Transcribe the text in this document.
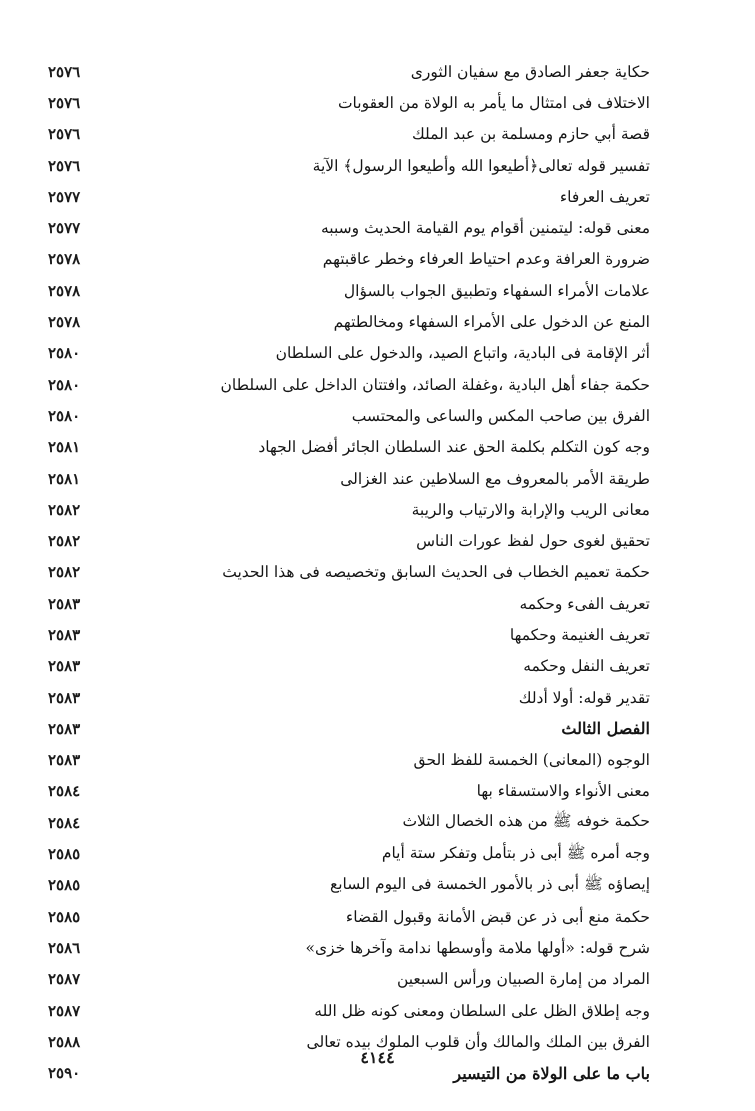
٢٥٧٦	حكاية جعفر الصادق مع سفيان الثورى
٢٥٧٦	الاختلاف فى امتثال ما يأمر به الولاة من العقوبات
٢٥٧٦	قصة أبي حازم ومسلمة بن عبد الملك
٢٥٧٦	تفسير قوله تعالى﴿أطيعوا الله وأطيعوا الرسول﴾ الآية
٢٥٧٧	تعريف العرفاء
٢٥٧٧	معنى قوله: ليتمنين أقوام يوم القيامة الحديث وسببه
٢٥٧٨	ضرورة العرافة وعدم احتياط العرفاء وخطر عاقبتهم
٢٥٧٨	علامات الأمراء السفهاء وتطبيق الجواب بالسؤال
٢٥٧٨	المنع عن الدخول على الأمراء السفهاء ومخالطتهم
٢٥٨٠	أثر الإقامة فى البادية، واتباع الصيد، والدخول على السلطان
٢٥٨٠	حكمة جفاء أهل البادية ،وغفلة الصائد، وافتتان الداخل على السلطان
٢٥٨٠	الفرق بين صاحب المكس والساعى والمحتسب
٢٥٨١	وجه كون التكلم بكلمة الحق عند السلطان الجائر أفضل الجهاد
٢٥٨١	طريقة الأمر بالمعروف مع السلاطين عند الغزالى
٢٥٨٢	معانى الريب والإرابة والارتياب والريبة
٢٥٨٢	تحقيق لغوى حول لفظ عورات الناس
٢٥٨٢	حكمة تعميم الخطاب فى الحديث السابق وتخصيصه فى هذا الحديث
٢٥٨٣	تعريف الفىء وحكمه
٢٥٨٣	تعريف الغنيمة وحكمها
٢٥٨٣	تعريف النفل وحكمه
٢٥٨٣	تقدير قوله: أولا أدلك
٢٥٨٣	الفصل الثالث
٢٥٨٣	الوجوه (المعانى) الخمسة للفظ الحق
٢٥٨٤	معنى الأنواء والاستسقاء بها
٢٥٨٤	حكمة خوفه ﷺ من هذه الخصال الثلاث
٢٥٨٥	وجه أمره ﷺ أبى ذر بتأمل وتفكر ستة أيام
٢٥٨٥	إيصاؤه ﷺ أبى ذر بالأمور الخمسة فى اليوم السابع
٢٥٨٥	حكمة منع أبى ذر عن قبض الأمانة وقبول القضاء
٢٥٨٦	شرح قوله: «أولها ملامة وأوسطها ندامة وآخرها خزى»
٢٥٨٧	المراد من إمارة الصبيان ورأس السبعين
٢٥٨٧	وجه إطلاق الظل على السلطان ومعنى كونه ظل الله
٢٥٨٨	الفرق بين الملك والمالك وأن قلوب الملوك بيده تعالى
٢٥٩٠	باب ما على الولاة من التيسير
٤١٤٤
